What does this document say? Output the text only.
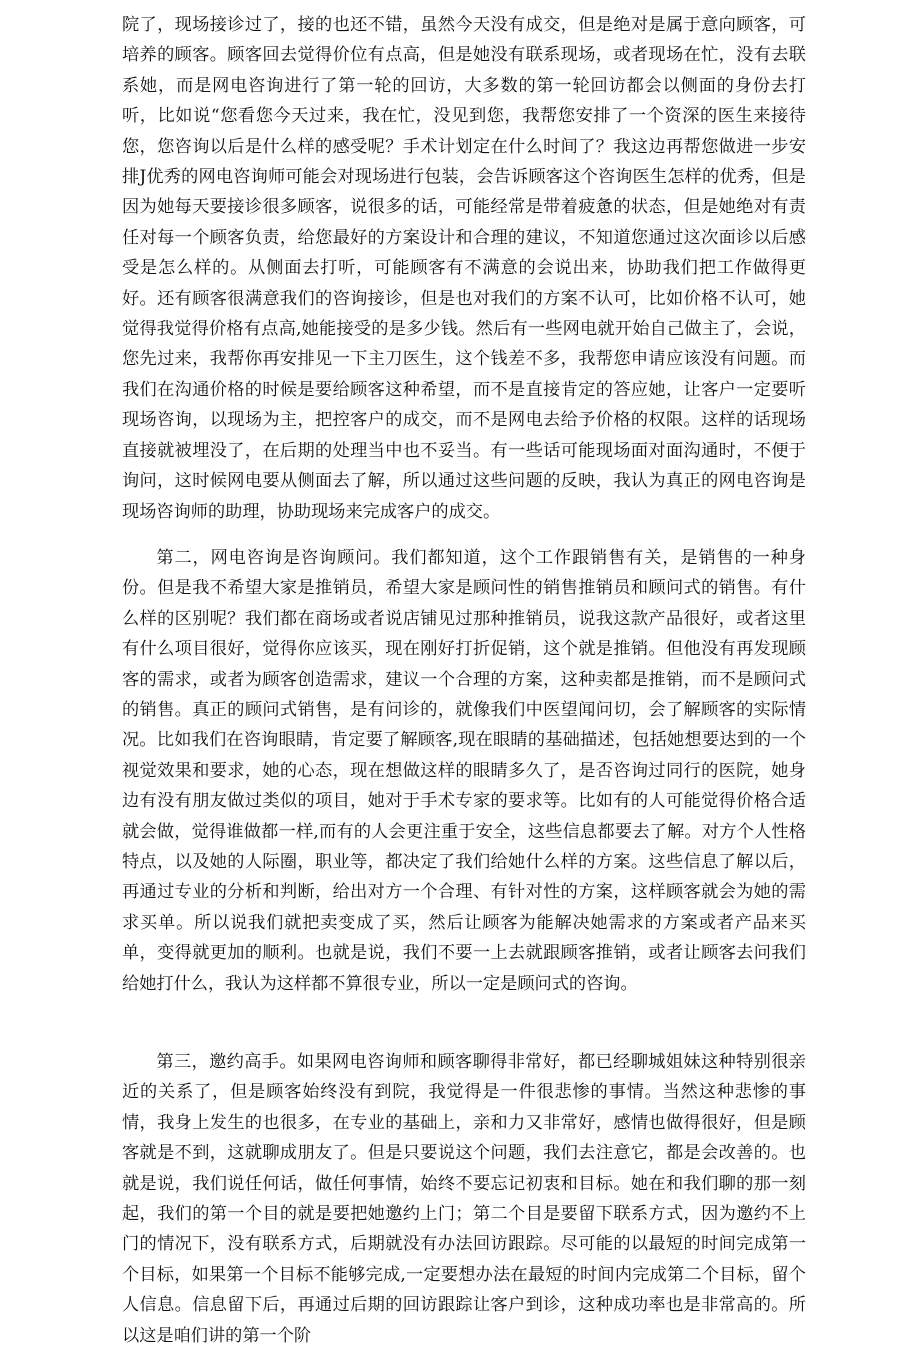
院了，现场接诊过了，接的也还不错，虽然今天没有成交，但是绝对是属于意向顾客，可培养的顾客。顾客回去觉得价位有点高，但是她没有联系现场，或者现场在忙，没有去联系她，而是网电咨询进行了第一轮的回访，大多数的第一轮回访都会以侧面的身份去打听，比如说“您看您今天过来，我在忙，没见到您，我帮您安排了一个资深的医生来接待您，您咨询以后是什么样的感受呢？手术计划定在什么时间了？我这边再帮您做进一步安排J优秀的网电咨询师可能会对现场进行包装，会告诉顾客这个咨询医生怎样的优秀，但是因为她每天要接诊很多顾客，说很多的话，可能经常是带着疲惫的状态，但是她绝对有责任对每一个顾客负责，给您最好的方案设计和合理的建议，不知道您通过这次面诊以后感受是怎么样的。从侧面去打听，可能顾客有不满意的会说出来，协助我们把工作做得更好。还有顾客很满意我们的咨询接诊，但是也对我们的方案不认可，比如价格不认可，她觉得我觉得价格有点高,她能接受的是多少钱。然后有一些网电就开始自己做主了，会说，您先过来，我帮你再安排见一下主刀医生，这个钱差不多，我帮您申请应该没有问题。而我们在沟通价格的时候是要给顾客这种希望，而不是直接肯定的答应她，让客户一定要听现场咨询，以现场为主，把控客户的成交，而不是网电去给予价格的权限。这样的话现场直接就被埋没了，在后期的处理当中也不妥当。有一些话可能现场面对面沟通时，不便于询问，这时候网电要从侧面去了解，所以通过这些问题的反映，我认为真正的网电咨询是现场咨询师的助理，协助现场来完成客户的成交。

第二，网电咨询是咨询顾问。我们都知道，这个工作跟销售有关，是销售的一种身份。但是我不希望大家是推销员，希望大家是顾问性的销售推销员和顾问式的销售。有什么样的区别呢？我们都在商场或者说店铺见过那种推销员，说我这款产品很好，或者这里有什么项目很好，觉得你应该买，现在刚好打折促销，这个就是推销。但他没有再发现顾客的需求，或者为顾客创造需求，建议一个合理的方案，这种卖都是推销，而不是顾问式的销售。真正的顾问式销售，是有问诊的，就像我们中医望闻问切，会了解顾客的实际情况。比如我们在咨询眼睛，肯定要了解顾客,现在眼睛的基础描述，包括她想要达到的一个视觉效果和要求，她的心态，现在想做这样的眼睛多久了，是否咨询过同行的医院，她身边有没有朋友做过类似的项目，她对于手术专家的要求等。比如有的人可能觉得价格合适就会做，觉得谁做都一样,而有的人会更注重于安全，这些信息都要去了解。对方个人性格特点，以及她的人际圈，职业等，都决定了我们给她什么样的方案。这些信息了解以后，再通过专业的分析和判断，给出对方一个合理、有针对性的方案，这样顾客就会为她的需求买单。所以说我们就把卖变成了买，然后让顾客为能解决她需求的方案或者产品来买单，变得就更加的顺利。也就是说，我们不要一上去就跟顾客推销，或者让顾客去问我们给她打什么，我认为这样都不算很专业，所以一定是顾问式的咨询。

第三，邀约高手。如果网电咨询师和顾客聊得非常好，都已经聊城姐妹这种特别很亲近的关系了，但是顾客始终没有到院，我觉得是一件很悲惨的事情。当然这种悲惨的事情，我身上发生的也很多，在专业的基础上，亲和力又非常好，感情也做得很好，但是顾客就是不到，这就聊成朋友了。但是只要说这个问题，我们去注意它，都是会改善的。也就是说，我们说任何话，做任何事情，始终不要忘记初衷和目标。她在和我们聊的那一刻起，我们的第一个目的就是要把她邀约上门；第二个目是要留下联系方式，因为邀约不上门的情况下，没有联系方式，后期就没有办法回访跟踪。尽可能的以最短的时间完成第一个目标，如果第一个目标不能够完成,一定要想办法在最短的时间内完成第二个目标，留个人信息。信息留下后，再通过后期的回访跟踪让客户到诊，这种成功率也是非常高的。所以这是咱们讲的第一个阶
